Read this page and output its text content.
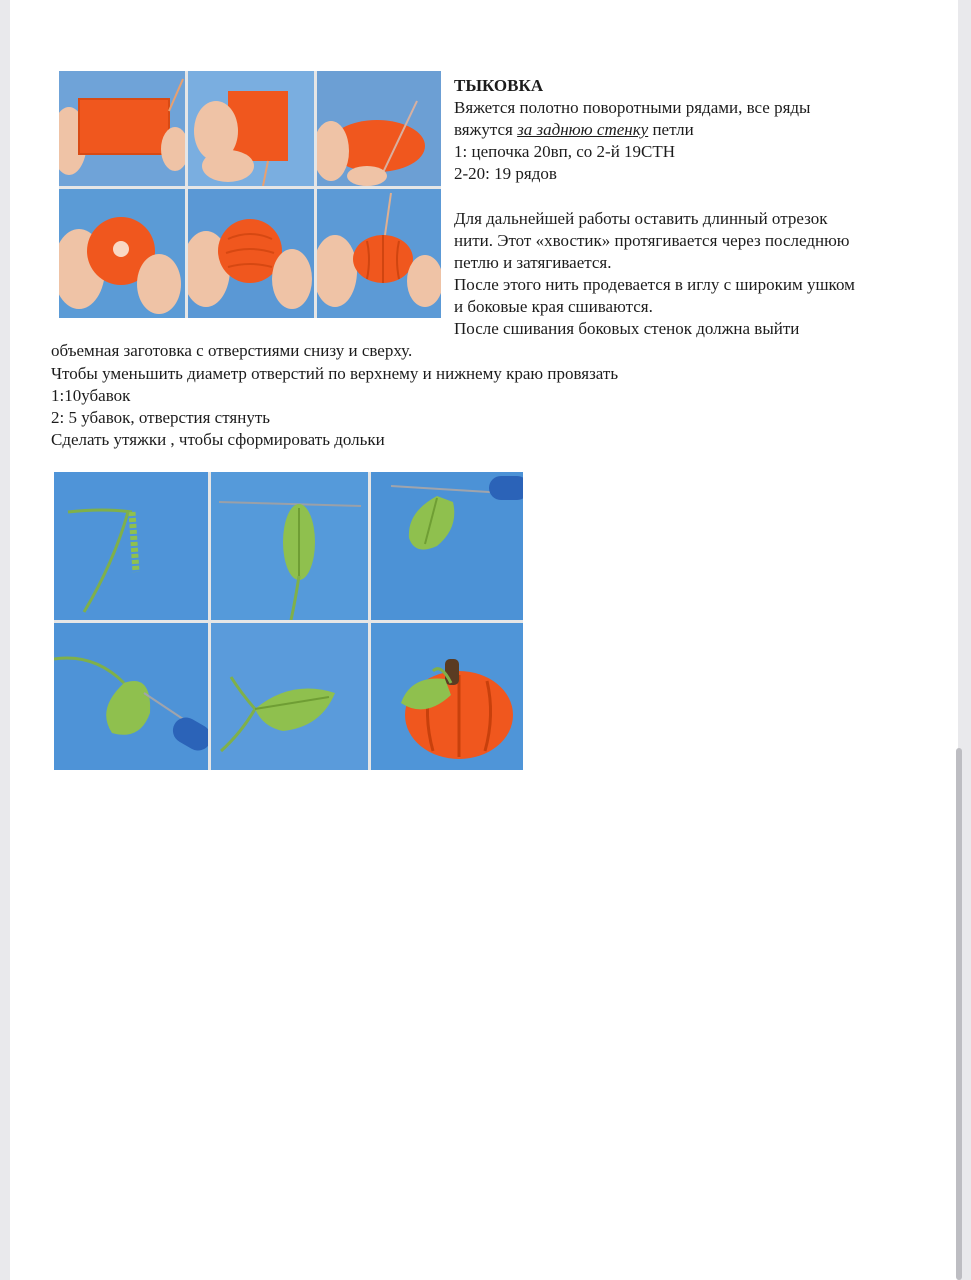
ТЫКОВКА
Вяжется полотно поворотными рядами, все ряды
вяжутся за заднюю стенку петли
1: цепочка 20вп, со 2-й 19СТН
2-20: 19 рядов
Для дальнейшей работы оставить длинный отрезок
нити. Этот «хвостик» протягивается через последнюю
петлю и затягивается.
После этого нить продевается в иглу с широким ушком
и боковые края сшиваются.
После сшивания боковых стенок должна выйти
объемная заготовка с отверстиями снизу и сверху.
Чтобы уменьшить диаметр отверстий по верхнему и нижнему краю провязать
1:10убавок
2: 5 убавок, отверстия стянуть
Сделать утяжки , чтобы сформировать дольки
